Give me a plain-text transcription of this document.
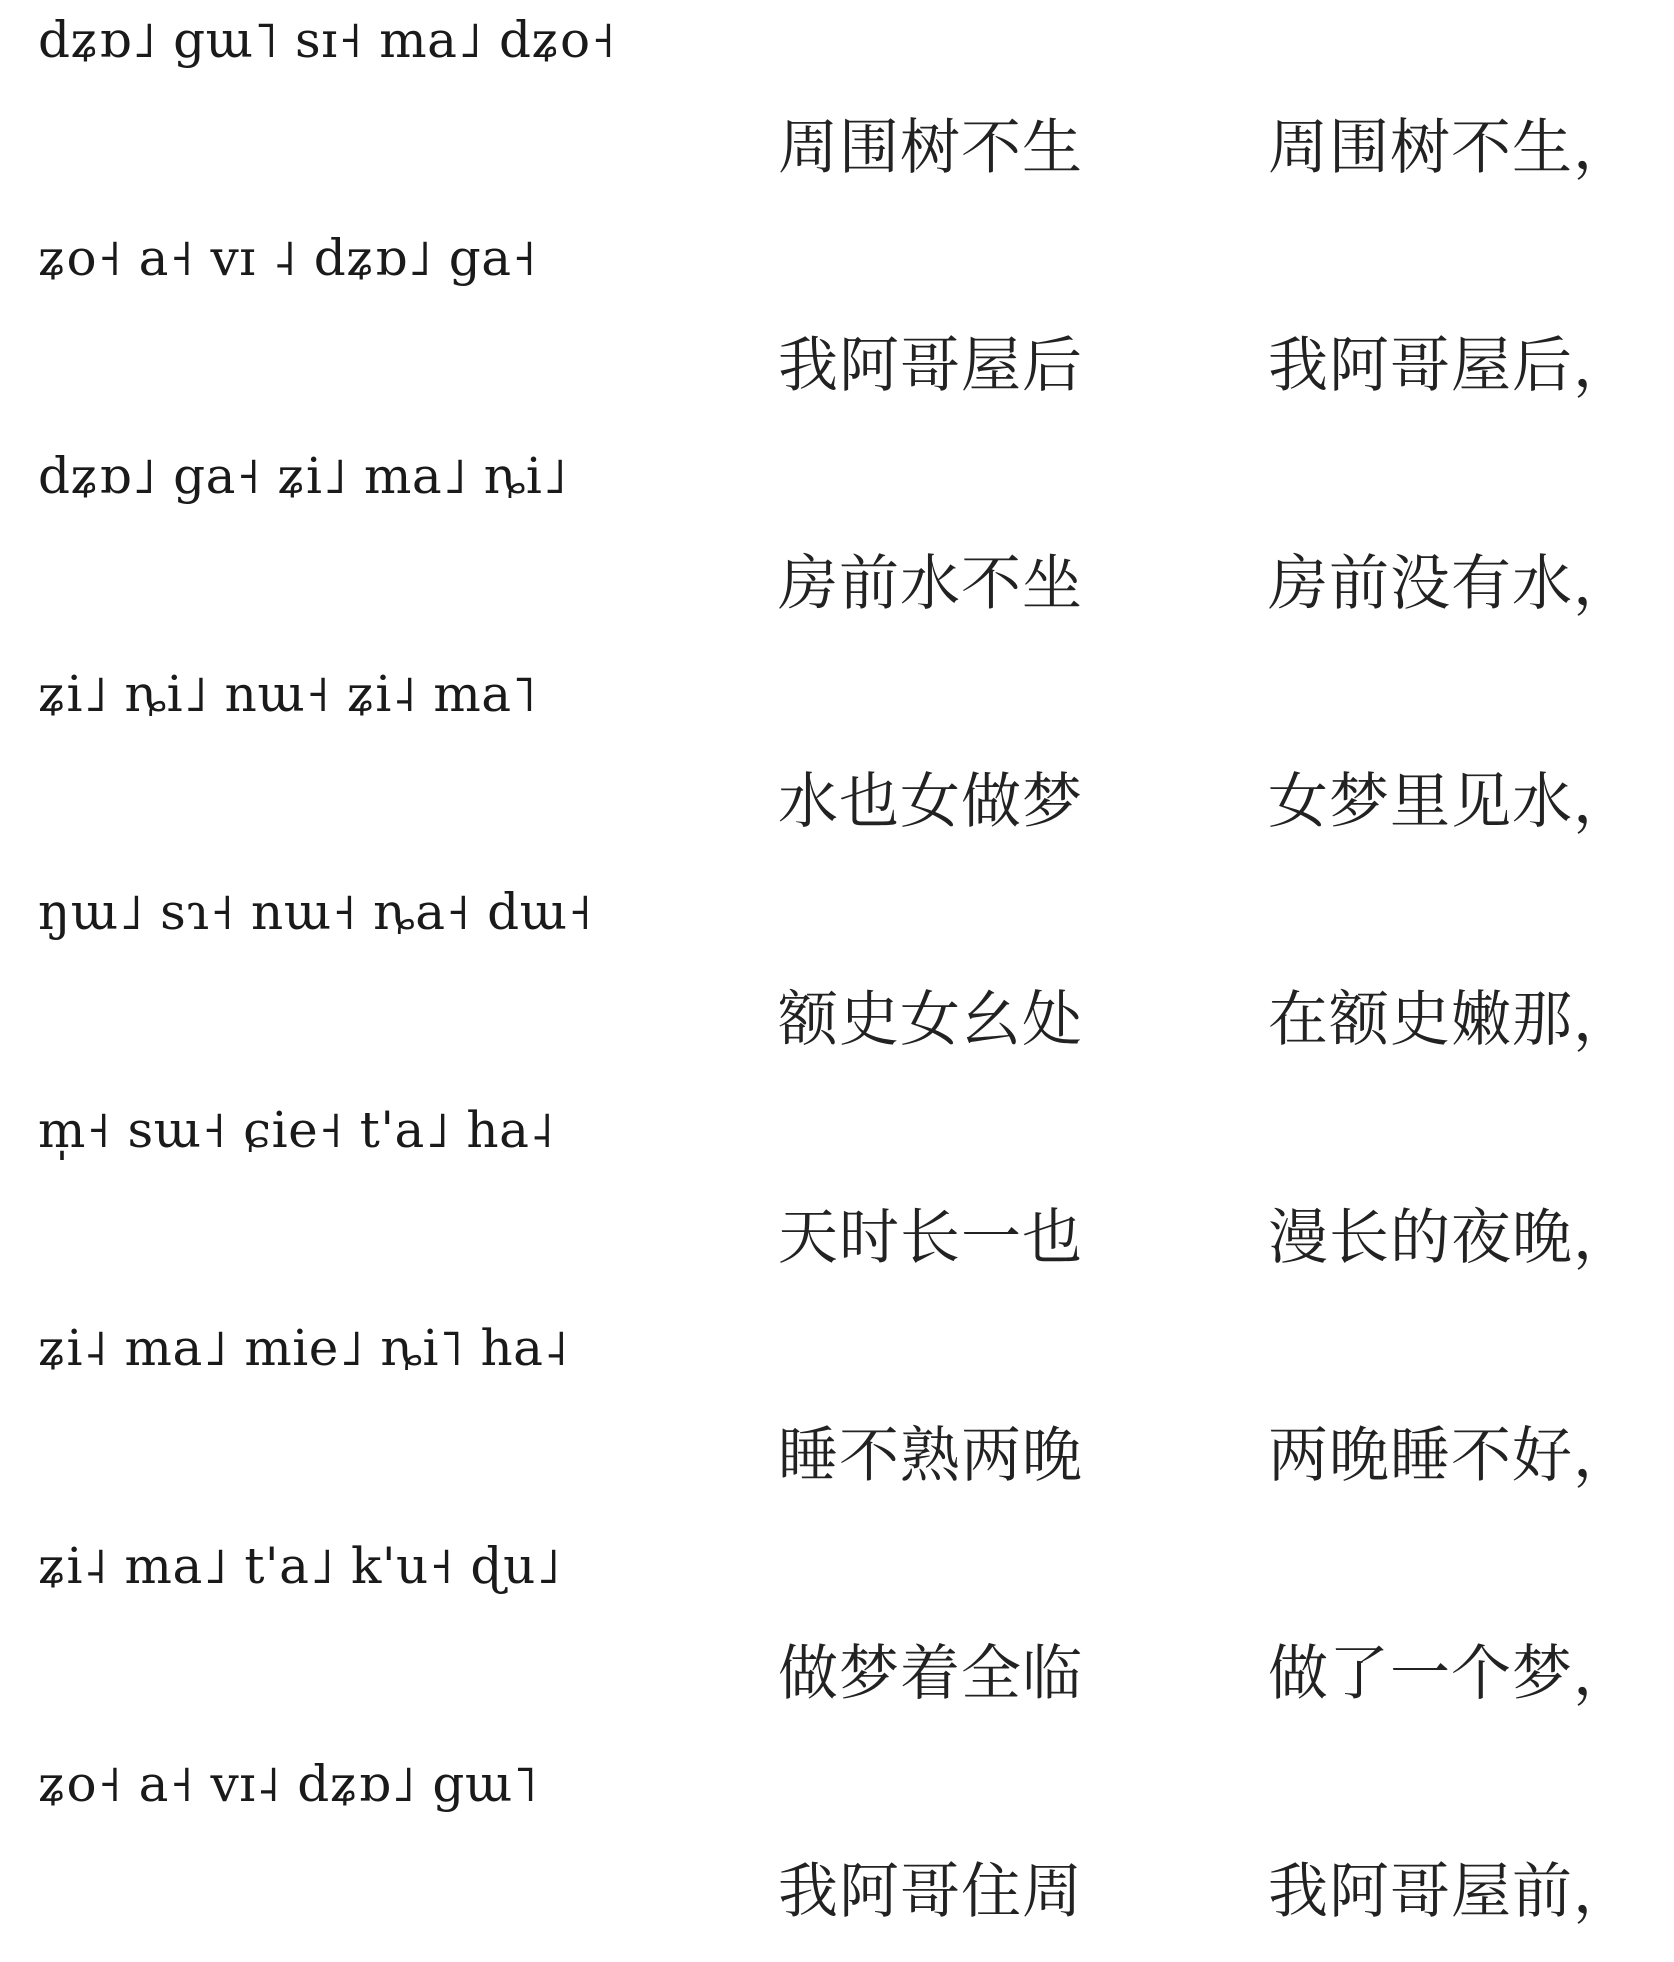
dʑɒ˩ gɯ˥ sɪ˧ ma˩ dʑo˧
周围树不生	周围树不生，
ʑo˧ a˧ vɪ ˨ dʑɒ˩ ga˧
我阿哥屋后	我阿哥屋后，
dʑɒ˩ ga˧ ʑi˩ ma˩ ȵi˩
房前水不坐	房前没有水，
ʑi˩ ȵi˩ nɯ˧ ʑi˨ ma˥
水也女做梦	女梦里见水，
ŋɯ˩ sɿ˧ nɯ˧ ȵa˧ dɯ˧
额史女幺处	在额史嫩那，
m̩˧ sɯ˧ ɕie˧ t'a˩ ha˨
天时长一也	漫长的夜晚，
ʑi˨ ma˩ mie˩ ȵi˥ ha˨
睡不熟两晚	两晚睡不好，
ʑi˨ ma˩ t'a˩ k'u˧ ɖu˩
做梦着全临	做了一个梦，
ʑo˧ a˧ vɪ˨ dʑɒ˩ gɯ˥
我阿哥住周	我阿哥屋前，
